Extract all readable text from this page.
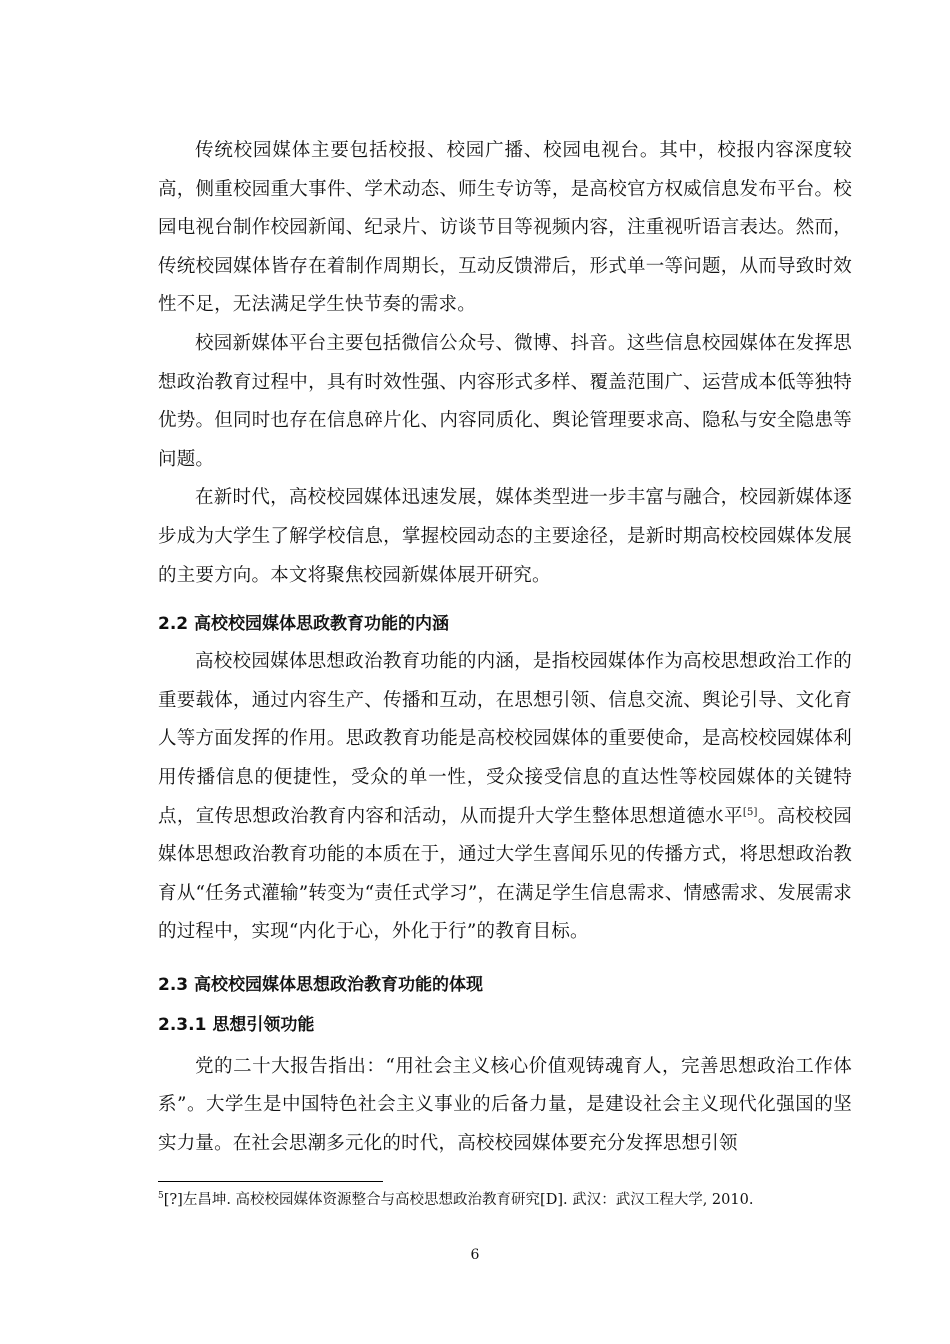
传统校园媒体主要包括校报、校园广播、校园电视台。其中，校报内容深度较高，侧重校园重大事件、学术动态、师生专访等，是高校官方权威信息发布平台。校园电视台制作校园新闻、纪录片、访谈节目等视频内容，注重视听语言表达。然而，传统校园媒体皆存在着制作周期长，互动反馈滞后，形式单一等问题，从而导致时效性不足，无法满足学生快节奏的需求。

校园新媒体平台主要包括微信公众号、微博、抖音。这些信息校园媒体在发挥思想政治教育过程中，具有时效性强、内容形式多样、覆盖范围广、运营成本低等独特优势。但同时也存在信息碎片化、内容同质化、舆论管理要求高、隐私与安全隐患等问题。

在新时代，高校校园媒体迅速发展，媒体类型进一步丰富与融合，校园新媒体逐步成为大学生了解学校信息，掌握校园动态的主要途径，是新时期高校校园媒体发展的主要方向。本文将聚焦校园新媒体展开研究。

2.2 高校校园媒体思政教育功能的内涵

高校校园媒体思想政治教育功能的内涵，是指校园媒体作为高校思想政治工作的重要载体，通过内容生产、传播和互动，在思想引领、信息交流、舆论引导、文化育人等方面发挥的作用。思政教育功能是高校校园媒体的重要使命，是高校校园媒体利用传播信息的便捷性，受众的单一性，受众接受信息的直达性等校园媒体的关键特点，宣传思想政治教育内容和活动，从而提升大学生整体思想道德水平[5]。高校校园媒体思想政治教育功能的本质在于，通过大学生喜闻乐见的传播方式，将思想政治教育从“任务式灌输”转变为“责任式学习”，在满足学生信息需求、情感需求、发展需求的过程中，实现“内化于心，外化于行”的教育目标。

2.3 高校校园媒体思想政治教育功能的体现
2.3.1 思想引领功能

党的二十大报告指出：“用社会主义核心价值观铸魂育人，完善思想政治工作体系”。大学生是中国特色社会主义事业的后备力量，是建设社会主义现代化强国的坚实力量。在社会思潮多元化的时代，高校校园媒体要充分发挥思想引领

$^5$[?]左昌坤. 高校校园媒体资源整合与高校思想政治教育研究[D]. 武汉：武汉工程大学, 2010.
6
